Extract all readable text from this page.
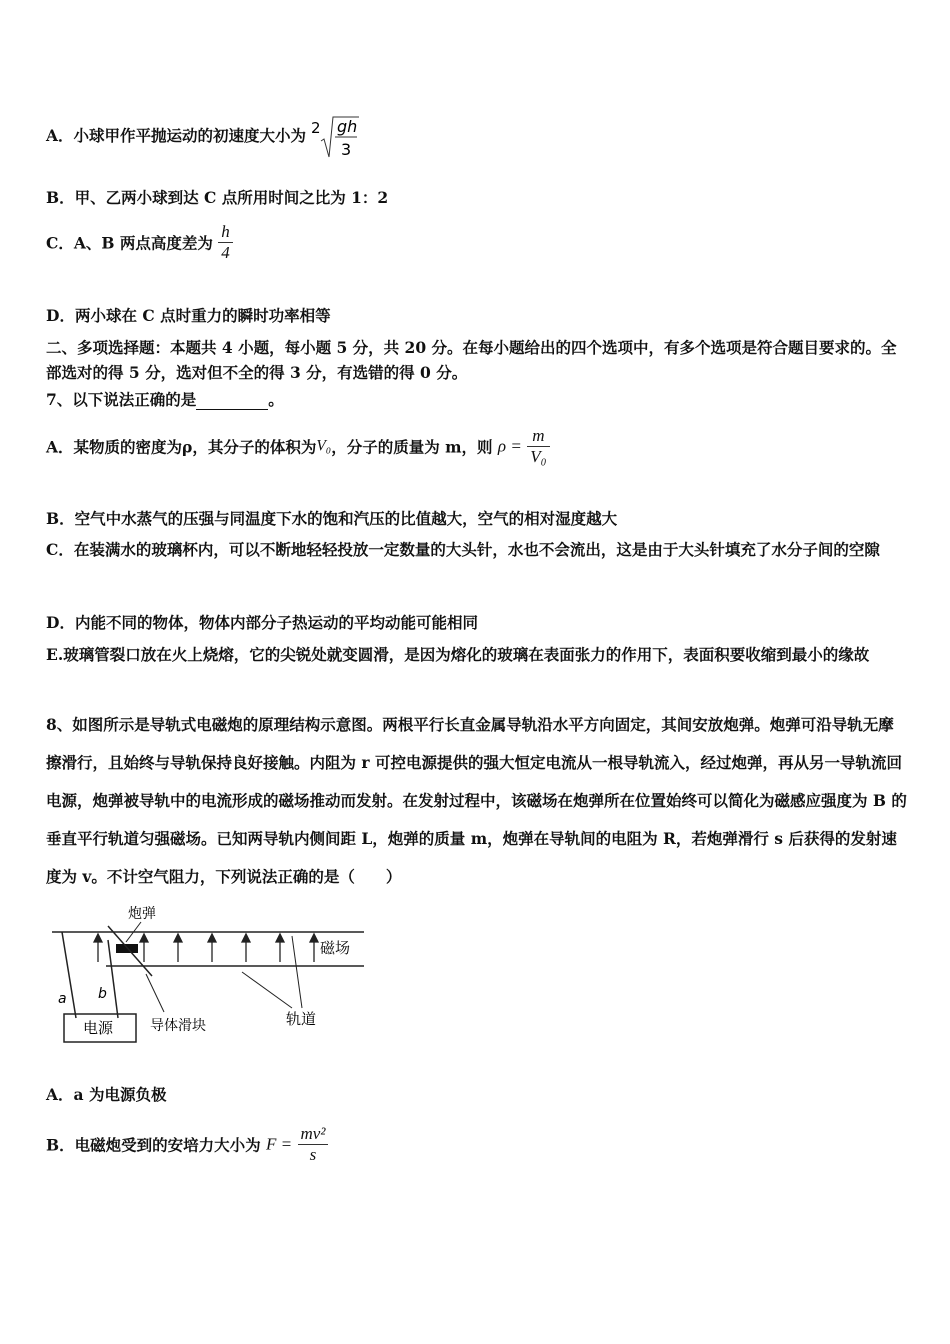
A．小球甲作平抛运动的初速度大小为 2 gh
3
B．甲、乙两小球到达 C 点所用时间之比为 1：2
C．A、B 两点高度差为 $\frac{h}{4}$
D．两小球在 C 点时重力的瞬时功率相等
二、多项选择题：本题共 4 小题，每小题 5 分，共 20 分。在每小题给出的四个选项中，有多个选项是符合题目要求的。全部选对的得 5 分，选对但不全的得 3 分，有选错的得 0 分。
7、以下说法正确的是	。
A．某物质的密度为ρ，其分子的体积为V₀，分子的质量为 m，则 $\rho = \frac{m}{\text{V₀}}$
B．空气中水蒸气的压强与同温度下水的饱和汽压的比值越大，空气的相对湿度越大
C．在装满水的玻璃杯内，可以不断地轻轻投放一定数量的大头针，水也不会流出，这是由于大头针填充了水分子间的空隙
D．内能不同的物体，物体内部分子热运动的平均动能可能相同
E.玻璃管裂口放在火上烧熔，它的尖锐处就变圆滑，是因为熔化的玻璃在表面张力的作用下，表面积要收缩到最小的缘故
8、如图所示是导轨式电磁炮的原理结构示意图。两根平行长直金属导轨沿水平方向固定，其间安放炮弹。炮弹可沿导轨无摩擦滑行，且始终与导轨保持良好接触。内阻为 r 可控电源提供的强大恒定电流从一根导轨流入，经过炮弹，再从另一导轨流回电源，炮弹被导轨中的电流形成的磁场推动而发射。在发射过程中，该磁场在炮弹所在位置始终可以简化为磁感应强度为 B 的垂直平行轨道匀强磁场。已知两导轨内侧间距 L，炮弹的质量 m，炮弹在导轨间的电阻为 R，若炮弹滑行 s 后获得的发射速度为 v。不计空气阻力，下列说法正确的是（　　）
电源
a b
炮弹
磁场
导体滑块	轨道
A．a 为电源负极
B．电磁炮受到的安培力大小为 $F = \frac{\text{mv²}}{s}$
